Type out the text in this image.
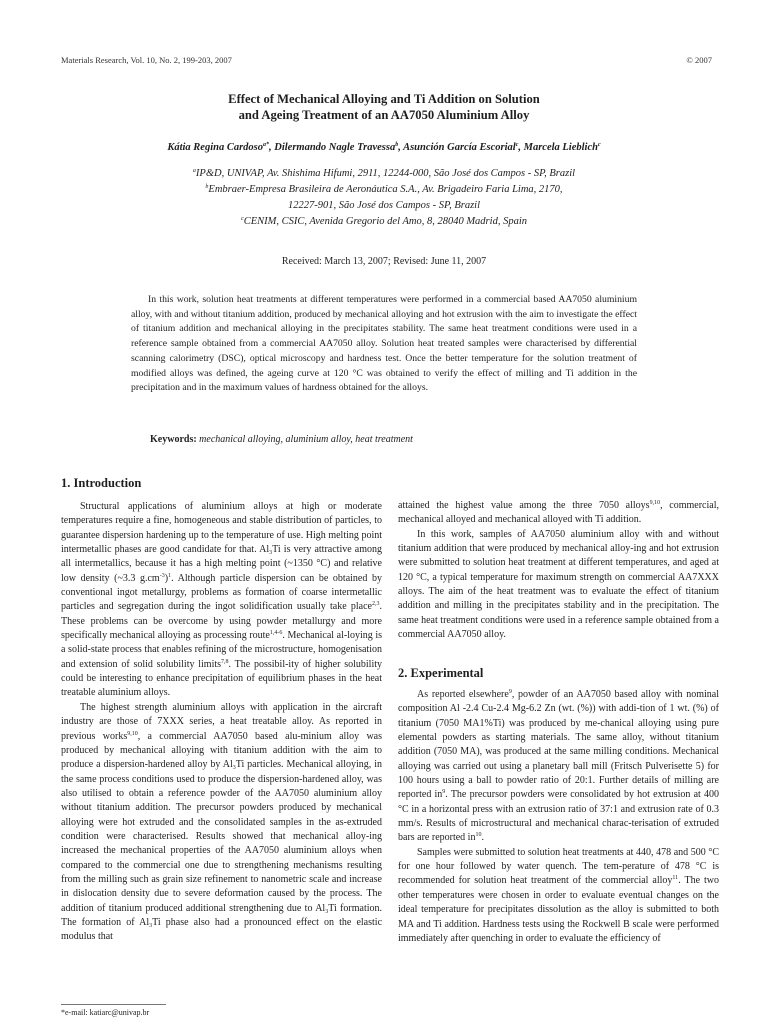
Materials Research, Vol. 10, No. 2, 199-203, 2007	© 2007
Effect of Mechanical Alloying and Ti Addition on Solution
and Ageing Treatment of an AA7050 Aluminium Alloy
Kátia Regina Cardoso$^{a*}$, Dilermando Nagle Travessa$^b$, Asunción García Escorial$^c$, Marcela Lieblich$^c$
$^a$IP&D, UNIVAP, Av. Shishima Hifumi, 2911, 12244-000, São José dos Campos - SP, Brazil
$^b$Embraer-Empresa Brasileira de Aeronáutica S.A., Av. Brigadeiro Faria Lima, 2170,
12227-901, São José dos Campos - SP, Brazil
$^c$CENIM, CSIC, Avenida Gregorio del Amo, 8, 28040 Madrid, Spain
Received: March 13, 2007; Revised: June 11, 2007

In this work, solution heat treatments at different temperatures were performed in a commercial based AA7050 aluminium alloy, with and without titanium addition, produced by mechanical alloying and hot extrusion with the aim to investigate the effect of titanium addition and mechanical alloying in the precipitates stability. The same heat treatment conditions were used in a reference sample obtained from a commercial AA7050 alloy. Solution heat treated samples were characterised by differential scanning calorimetry (DSC), optical microscopy and hardness test. Once the better temperature for the solution treatment of modified alloys was defined, the ageing curve at 120 °C was obtained to verify the effect of milling and Ti addition in the precipitation and in the maximum values of hardness obtained for the alloys.

Keywords: mechanical alloying, aluminium alloy, heat treatment
1. Introduction

Structural applications of aluminium alloys at high or moderate temperatures require a fine, homogeneous and stable distribution of particles, to guarantee dispersion hardening up to the temperature of use. High melting point intermetallic phases are good candidate for that. $Al_3Ti$ is very attractive among all intermetallics, because it has a high melting point (~1350 °C) and relative low density (~3.3 $g.cm^{-3})^1$. Although particle dispersion can be obtained by conventional ingot metallurgy, problems as formation of coarse intermetallic particles and segregation during the ingot solidification usually take place$^{2,3}$. These problems can be overcome by using powder metallurgy and more specifically mechanical alloying as processing route$^{1,4-6}$. Mechanical al-loying is a solid-state process that enables refining of the microstructure, homogenisation and extension of solid solubility limits$^{7,8}$. The possibil-ity of higher solubility could be interesting to enhance precipitation of equilibrium phases in the heat treatable aluminium alloys.

The highest strength aluminium alloys with application in the aircraft industry are those of 7XXX series, a heat treatable alloy. As reported in previous works$^{9,10}$, a commercial AA7050 based alu-minium alloy was produced by mechanical alloying with titanium addition with the aim to produce a dispersion-hardened alloy by $Al_3Ti$ particles. Mechanical alloying, in the same process conditions used to produce the dispersion-hardened alloy, was also utilised to obtain a reference powder of the AA7050 aluminium alloy without titanium addition. The precursor powders produced by mechanical alloying were hot extruded and the consolidated samples in the as-extruded condition were characterised. Results showed that mechanical alloy-ing increased the mechanical properties of the AA7050 aluminium alloys when compared to the commercial one due to strengthening mechanisms resulting from the milling such as grain size refinement to nanometric scale and increase in dislocation density due to severe deformation caused by the process. The addition of titanium produced additional strengthening due to $Al_3Ti$ formation. The formation of $Al_3Ti$ phase also had a pronounced effect on the elastic modulus that

attained the highest value among the three 7050 alloys$^{9,10}$, commercial, mechanical alloyed and mechanical alloyed with Ti addition.

In this work, samples of AA7050 aluminium alloy with and without titanium addition that were produced by mechanical alloy-ing and hot extrusion were submitted to solution heat treatment at different temperatures, and aged at 120 °C, a typical temperature for maximum strength on commercial AA7XXX alloys. The aim of the heat treatment was to evaluate the effect of titanium addition and milling in the precipitates stability and in the precipitation. The same heat treatment conditions were used in a reference sample obtained from a commercial AA7050 alloy.

2. Experimental

As reported elsewhere$^9$, powder of an AA7050 based alloy with nominal composition Al -2.4 Cu-2.4 Mg-6.2 Zn (wt. (%)) with addi-tion of 1 wt. (%) of titanium (7050 MA1%Ti) was produced by me-chanical alloying using pure elemental powders as starting materials. The same alloy, without titanium addition (7050 MA), was produced at the same milling conditions. Mechanical alloying was carried out using a planetary ball mill (Fritsch Pulverisette 5) for 100 hours using a ball to powder ratio of 20:1. Further details of milling are reported $in^9$. The precursor powders were consolidated by hot extrusion at 400 °C in a horizontal press with an extrusion ratio of 37:1 and extrusion rate of 0.3 mm/s. Results of microstructural and mechanical charac-terisation of extruded bars are reported $in^{10}$.

Samples were submitted to solution heat treatments at 440, 478 and 500 °C for one hour followed by water quench. The tem-perature of 478 °C is recommended for solution heat treatment of the commercial alloy$^{11}$. The two other temperatures were chosen in order to evaluate eventual changes on the ideal temperature for precipitates dissolution as the alloy is submitted to both MA and Ti addition. Hardness tests using the Rockwell B scale were performed immediately after quenching in order to evaluate the efficiency of

*e-mail: katiarc@univap.br
